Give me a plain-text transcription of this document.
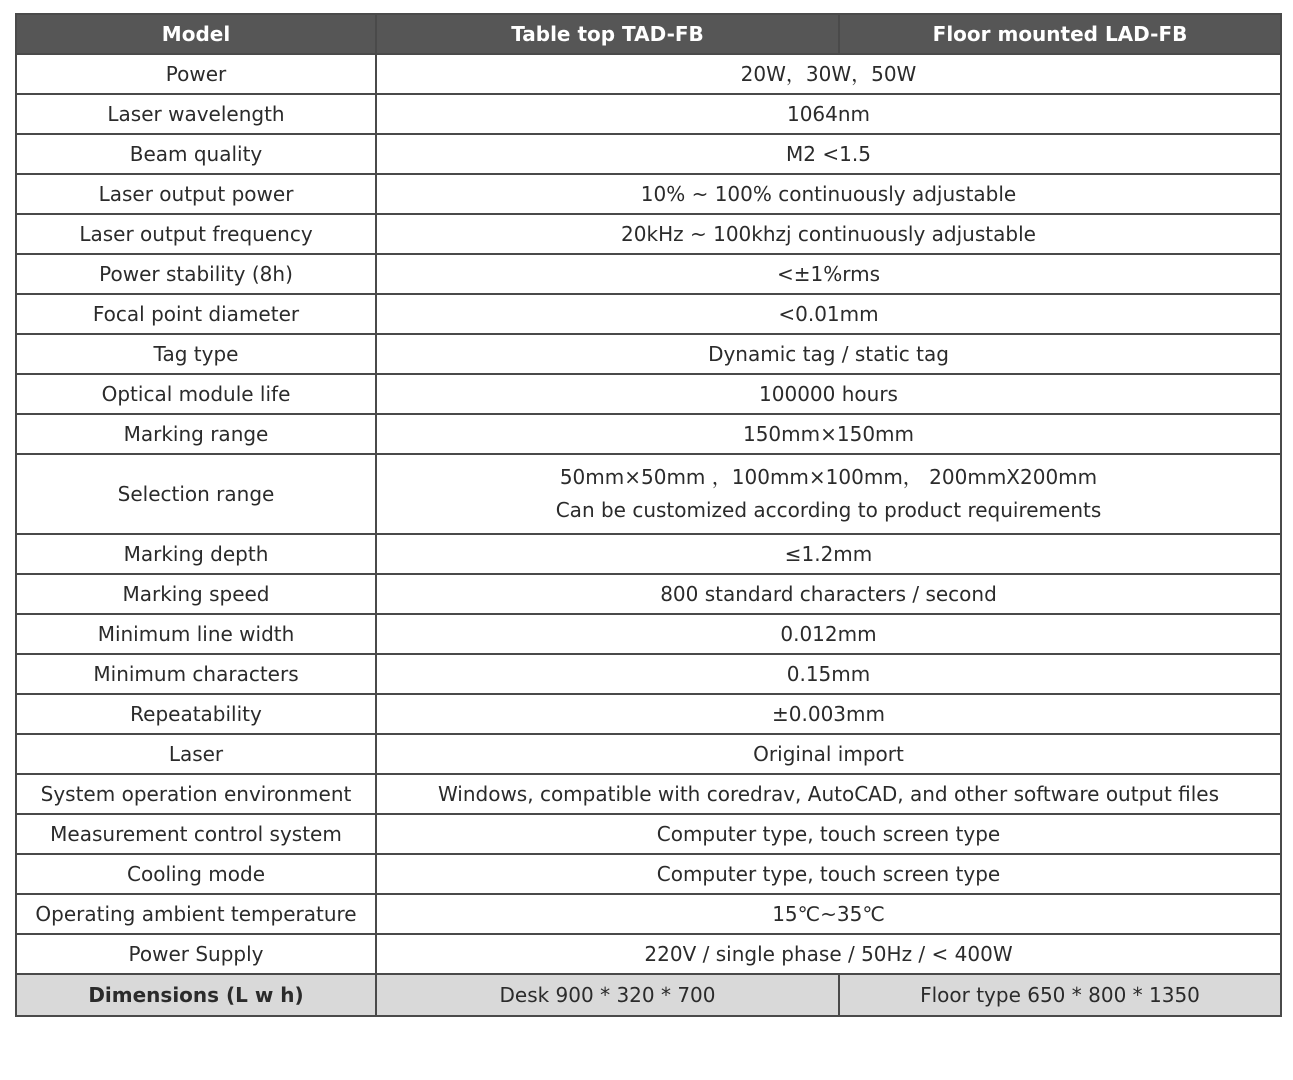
Model	Table top TAD-FB	Floor mounted LAD-FB
Power	20W，30W，50W	
Laser wavelength	1064nm	
Beam quality	M2 <1.5	
Laser output power	10% ~ 100% continuously adjustable	
Laser output frequency	20kHz ~ 100khzj continuously adjustable	
Power stability (8h)	<±1%rms	
Focal point diameter	<0.01mm	
Tag type	Dynamic tag / static tag	
Optical module life	100000 hours	
Marking range	150mm×150mm	
Selection range	50mm×50mm ，100mm×100mm， 200mmX200mm
Can be customized according to product requirements	

Marking depth	≤1.2mm	
Marking speed	800 standard characters / second	
Minimum line width	0.012mm	
Minimum characters	0.15mm	
Repeatability	±0.003mm	
Laser	Original import	
System operation environment	Windows, compatible with coredrav, AutoCAD, and other software output files	
Measurement control system	Computer type, touch screen type	
Cooling mode	Computer type, touch screen type	
Operating ambient temperature	15℃~35℃	
Power Supply	220V / single phase / 50Hz / < 400W	
Dimensions (L w h)	Desk 900 * 320 * 700	Floor type 650 * 800 * 1350
